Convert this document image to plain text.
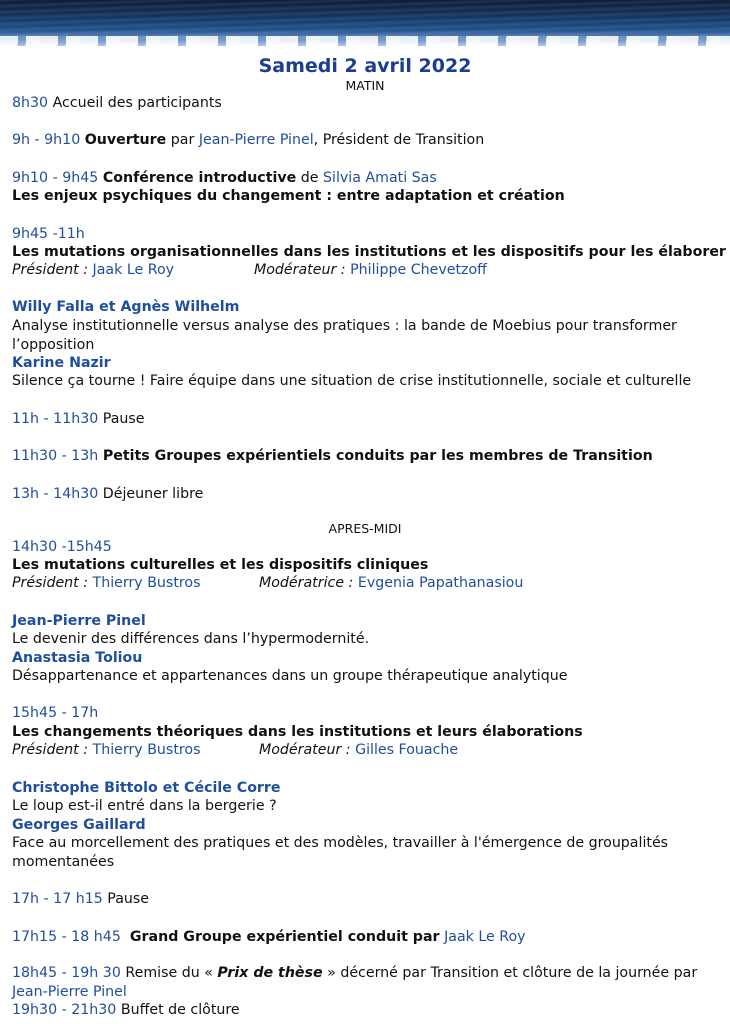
Samedi 2 avril 2022
MATIN
8h30 Accueil des participants
9h - 9h10 Ouverture par Jean-Pierre Pinel, Président de Transition
9h10 - 9h45 Conférence introductive de Silvia Amati Sas
Les enjeux psychiques du changement : entre adaptation et création
9h45 -11h
Les mutations organisationnelles dans les institutions et les dispositifs pour les élaborer
Président : Jaak Le Roy	Modérateur : Philippe Chevetzoff
Willy Falla et Agnès Wilhelm
Analyse institutionnelle versus analyse des pratiques : la bande de Moebius pour transformer l’opposition
Karine Nazir
Silence ça tourne ! Faire équipe dans une situation de crise institutionnelle, sociale et culturelle
11h - 11h30 Pause
11h30 - 13h Petits Groupes expérientiels conduits par les membres de Transition
13h - 14h30 Déjeuner libre
APRES-MIDI
14h30 -15h45
Les mutations culturelles et les dispositifs cliniques
Président : Thierry Bustros	Modératrice : Evgenia Papathanasiou
Jean-Pierre Pinel
Le devenir des différences dans l’hypermodernité.
Anastasia Toliou
Désappartenance et appartenances dans un groupe thérapeutique analytique
15h45 - 17h
Les changements théoriques dans les institutions et leurs élaborations
Président : Thierry Bustros	Modérateur : Gilles Fouache
Christophe Bittolo et Cécile Corre
Le loup est-il entré dans la bergerie ?
Georges Gaillard
Face au morcellement des pratiques et des modèles, travailler à l'émergence de groupalités momentanées
17h - 17 h15 Pause
17h15 - 18 h45 Grand Groupe expérientiel conduit par Jaak Le Roy
18h45 - 19h 30 Remise du « Prix de thèse » décerné par Transition et clôture de la journée par
Jean-Pierre Pinel
19h30 - 21h30 Buffet de clôture
